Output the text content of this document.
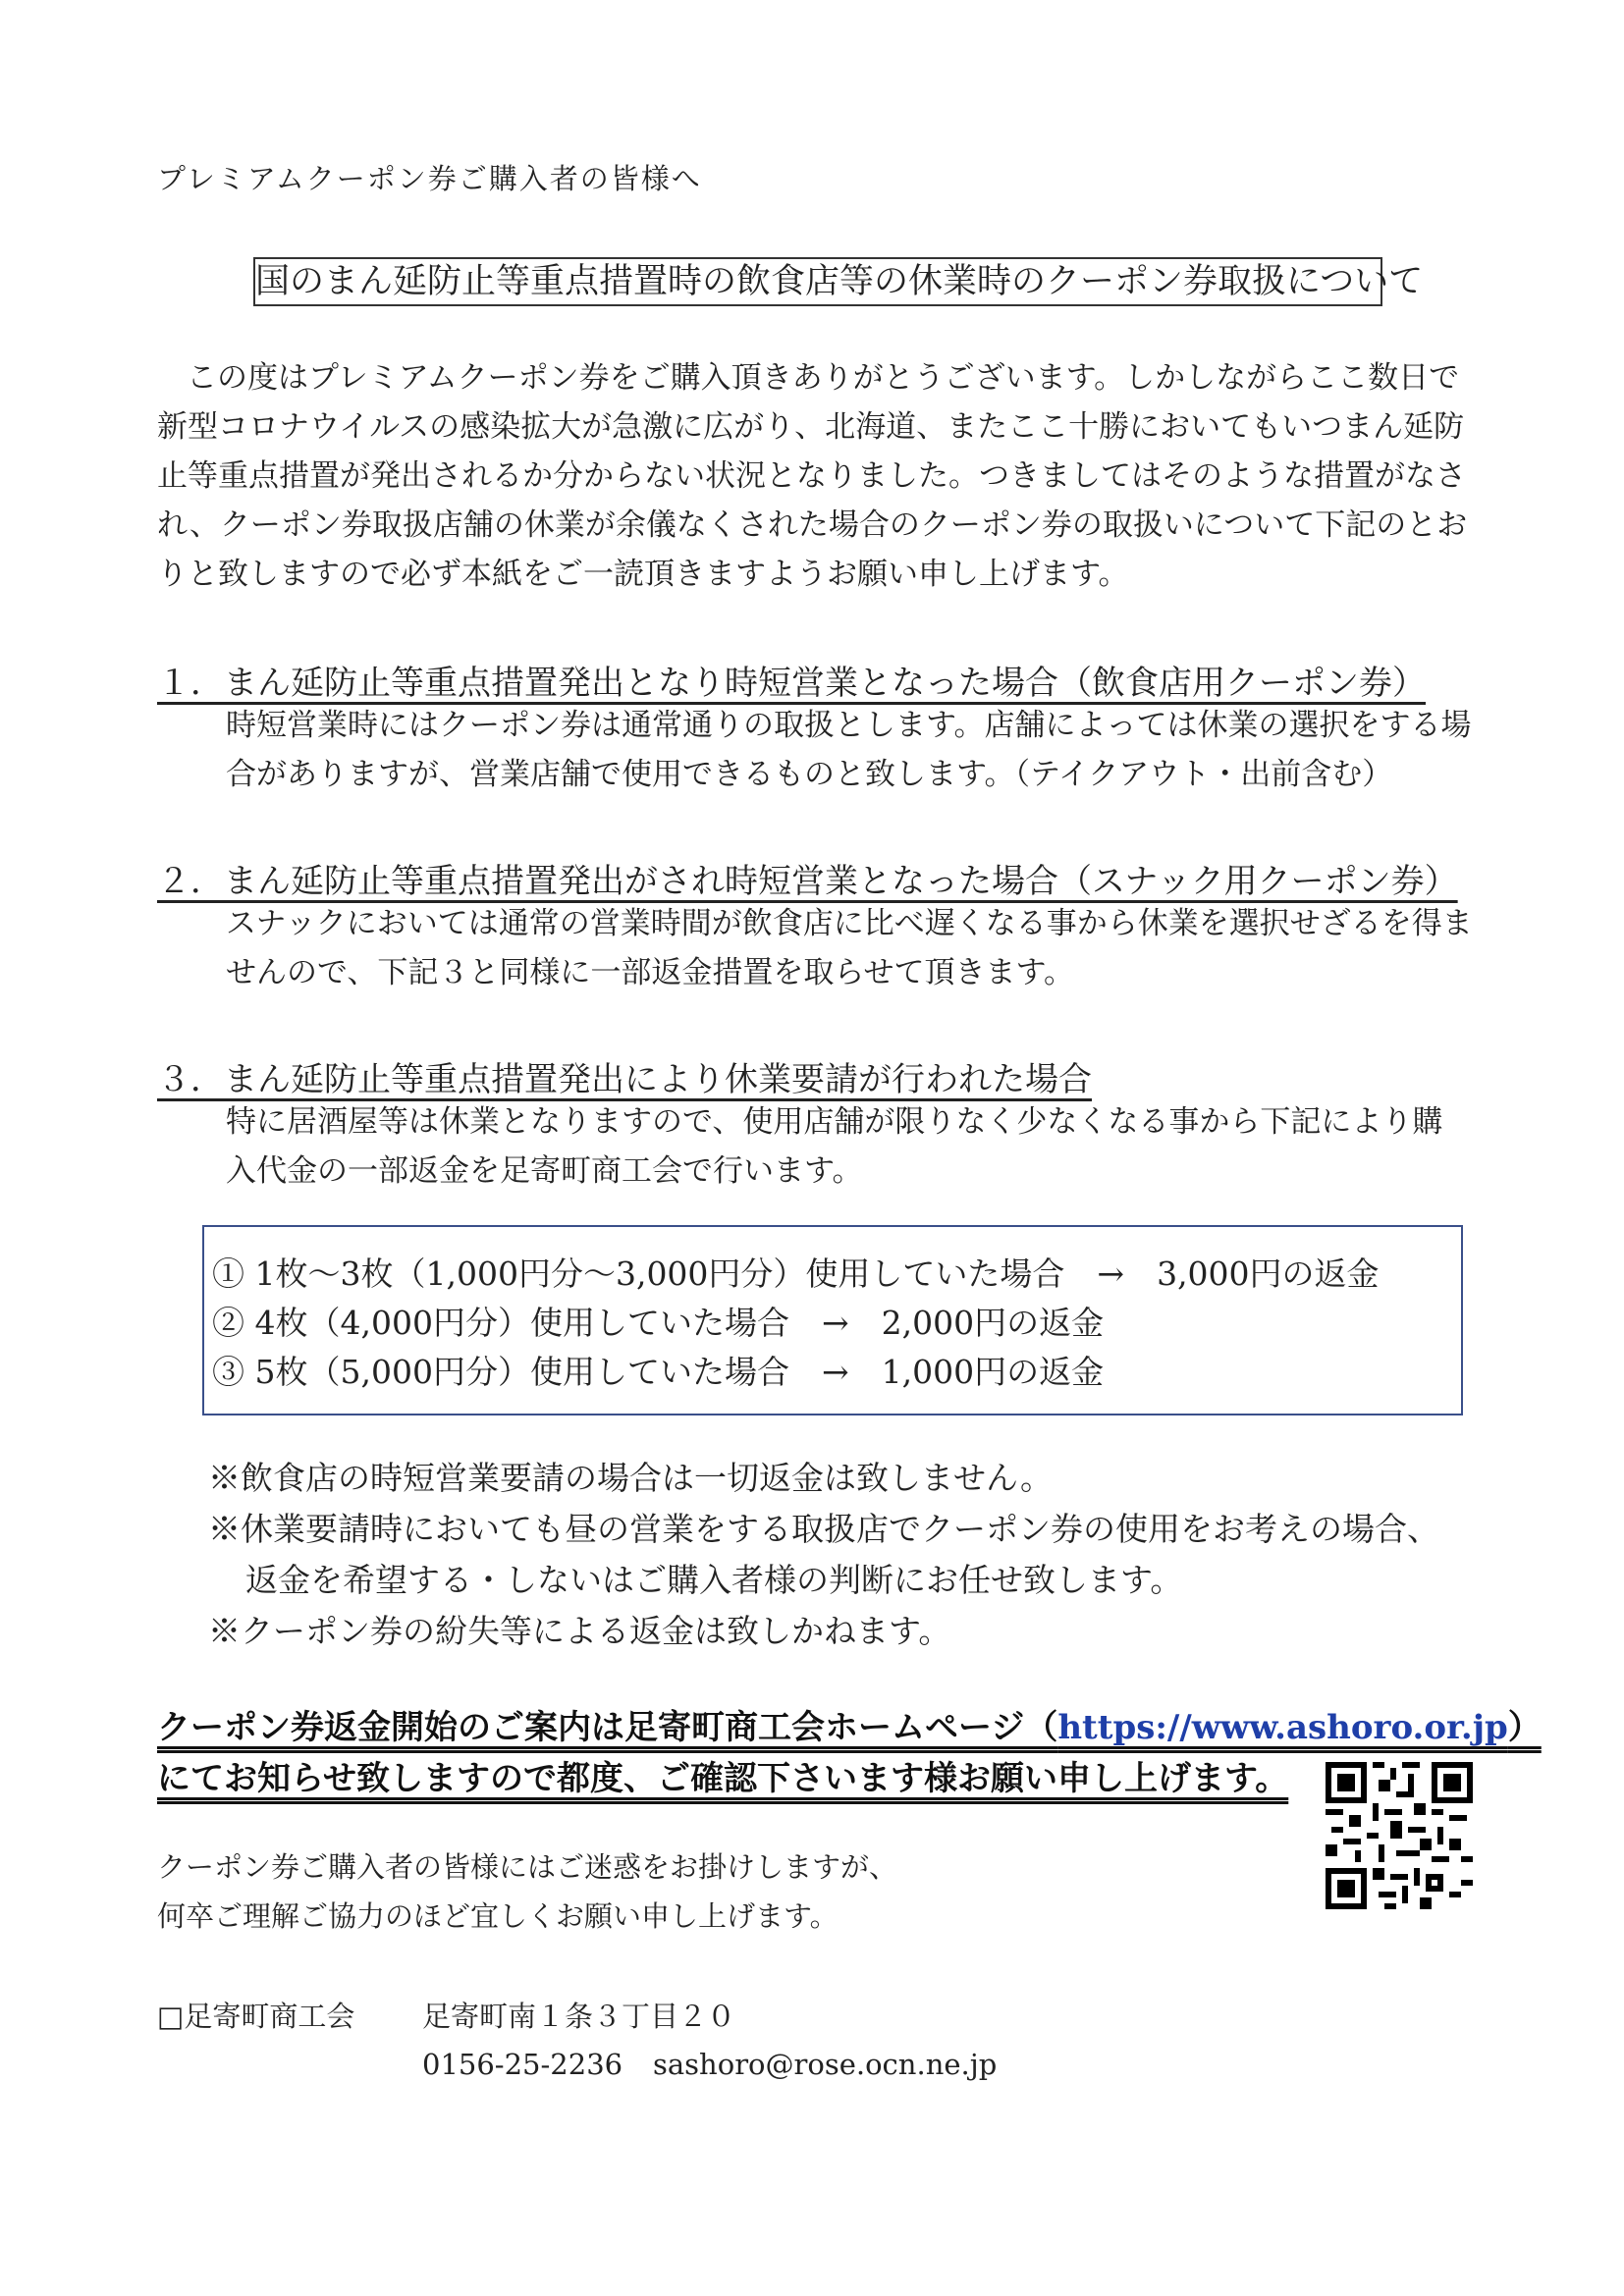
プレミアムクーポン券ご購入者の皆様へ
国のまん延防止等重点措置時の飲食店等の休業時のクーポン券取扱について
この度はプレミアムクーポン券をご購入頂きありがとうございます。しかしながらここ数日で新型コロナウイルスの感染拡大が急激に広がり、北海道、またここ十勝においてもいつまん延防止等重点措置が発出されるか分からない状況となりました。つきましてはそのような措置がなされ、クーポン券取扱店舗の休業が余儀なくされた場合のクーポン券の取扱いについて下記のとおりと致しますので必ず本紙をご一読頂きますようお願い申し上げます。
１．まん延防止等重点措置発出となり時短営業となった場合（飲食店用クーポン券）
時短営業時にはクーポン券は通常通りの取扱とします。店舗によっては休業の選択をする場合がありますが、営業店舗で使用できるものと致します。（テイクアウト・出前含む）
２．まん延防止等重点措置発出がされ時短営業となった場合（スナック用クーポン券）
スナックにおいては通常の営業時間が飲食店に比べ遅くなる事から休業を選択せざるを得ませんので、下記３と同様に一部返金措置を取らせて頂きます。
３．まん延防止等重点措置発出により休業要請が行われた場合
特に居酒屋等は休業となりますので、使用店舗が限りなく少なくなる事から下記により購入代金の一部返金を足寄町商工会で行います。
① 1枚～3枚（1,000円分～3,000円分）使用していた場合　→　3,000円の返金
② 4枚（4,000円分）使用していた場合　→　2,000円の返金
③ 5枚（5,000円分）使用していた場合　→　1,000円の返金
※飲食店の時短営業要請の場合は一切返金は致しません。
※休業要請時においても昼の営業をする取扱店でクーポン券の使用をお考えの場合、
返金を希望する・しないはご購入者様の判断にお任せ致します。
※クーポン券の紛失等による返金は致しかねます。
クーポン券返金開始のご案内は足寄町商工会ホームページ（https://www.ashoro.or.jp）
にてお知らせ致しますので都度、ご確認下さいます様お願い申し上げます。
クーポン券ご購入者の皆様にはご迷惑をお掛けしますが、
何卒ご理解ご協力のほど宜しくお願い申し上げます。
□足寄町商工会 足寄町南１条３丁目２０
0156-25-2236 sashoro@rose.ocn.ne.jp
